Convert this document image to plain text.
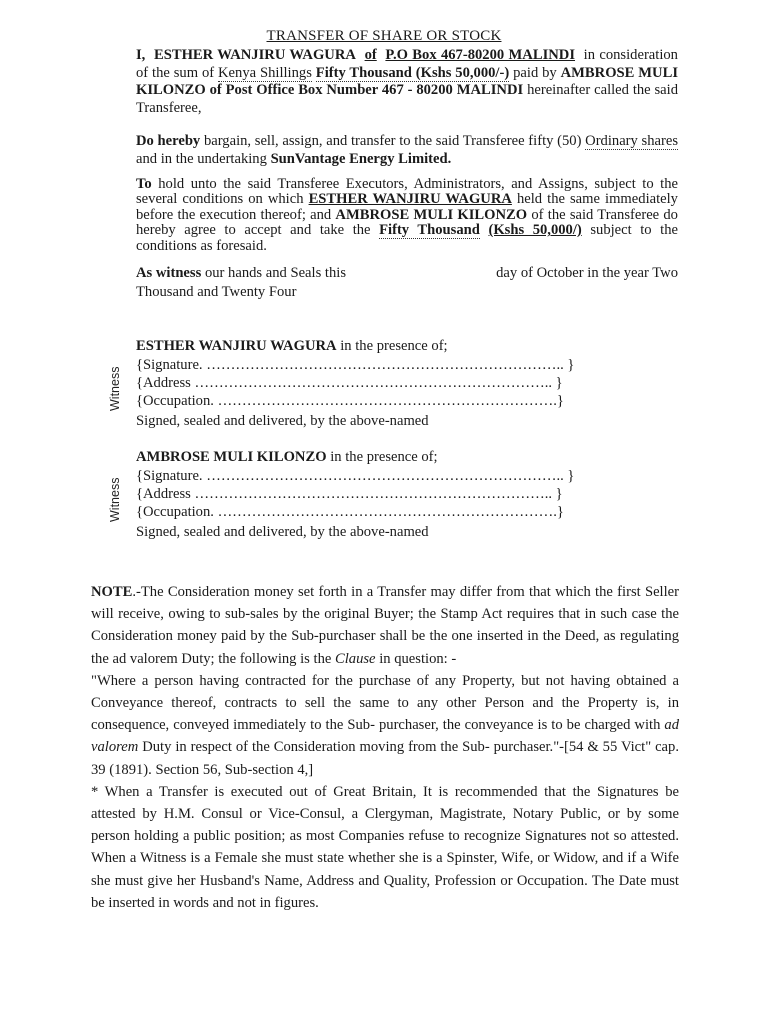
TRANSFER OF SHARE OR STOCK
I, ESTHER WANJIRU WAGURA of P.O Box 467-80200 MALINDI in consideration of the sum of Kenya Shillings Fifty Thousand (Kshs 50,000/-) paid by AMBROSE MULI KILONZO of Post Office Box Number 467 - 80200 MALINDI hereinafter called the said Transferee,
Do hereby bargain, sell, assign, and transfer to the said Transferee fifty (50) Ordinary shares and in the undertaking SunVantage Energy Limited.
To hold unto the said Transferee Executors, Administrators, and Assigns, subject to the several conditions on which ESTHER WANJIRU WAGURA held the same immediately before the execution thereof; and AMBROSE MULI KILONZO of the said Transferee do hereby agree to accept and take the Fifty Thousand (Kshs 50,000/) subject to the conditions as foresaid.
As witness our hands and Seals this	day of October in the year Two
Thousand and Twenty Four
ESTHER WANJIRU WAGURA in the presence of;
{Signature. ……………………………………………………………….. }
{Address ……………………………………………………………….. }
{Occupation. …………………………………………………………….}
Signed, sealed and delivered, by the above-named
Witness
AMBROSE MULI KILONZO in the presence of;
{Signature. ……………………………………………………………….. }
{Address ……………………………………………………………….. }
{Occupation. …………………………………………………………….}
Signed, sealed and delivered, by the above-named
Witness

NOTE.-The Consideration money set forth in a Transfer may differ from that which the first Seller will receive, owing to sub-sales by the original Buyer; the Stamp Act requires that in such case the Consideration money paid by the Sub-purchaser shall be the one inserted in the Deed, as regulating the ad valorem Duty; the following is the Clause in question: -

"Where a person having contracted for the purchase of any Property, but not having obtained a Conveyance thereof, contracts to sell the same to any other Person and the Property is, in consequence, conveyed immediately to the Sub- purchaser, the conveyance is to be charged with ad valorem Duty in respect of the Consideration moving from the Sub- purchaser."-[54 & 55 Vict" cap. 39 (1891). Section 56, Sub-section 4,]

* When a Transfer is executed out of Great Britain, It is recommended that the Signatures be attested by H.M. Consul or Vice-Consul, a Clergyman, Magistrate, Notary Public, or by some person holding a public position; as most Companies refuse to recognize Signatures not so attested. When a Witness is a Female she must state whether she is a Spinster, Wife, or Widow, and if a Wife she must give her Husband's Name, Address and Quality, Profession or Occupation. The Date must be inserted in words and not in figures.
